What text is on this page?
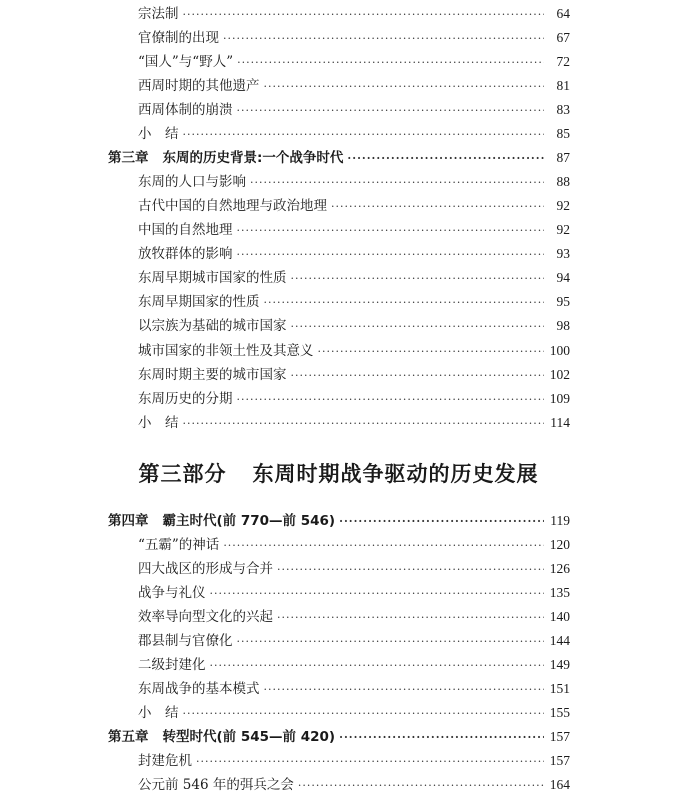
宗法制 ·····	64
官僚制的出现 ·····	67
“国人”与“野人” ·····	72
西周时期的其他遗产 ·····	81
西周体制的崩溃 ·····	83
小　结 ·····	85
第三章 东周的历史背景:一个战争时代 ·····	87
东周的人口与影响 ·····	88
古代中国的自然地理与政治地理 ·····	92
中国的自然地理 ·····	92
放牧群体的影响 ·····	93
东周早期城市国家的性质 ·····	94
东周早期国家的性质 ·····	95
以宗族为基础的城市国家 ·····	98
城市国家的非领土性及其意义 ·····	100
东周时期主要的城市国家 ·····	102
东周历史的分期 ·····	109
小　结 ·····	114
第三部分 东周时期战争驱动的历史发展
第四章 霸主时代(前 770—前 546) ·····	119
“五霸”的神话 ·····	120
四大战区的形成与合并 ·····	126
战争与礼仪 ·····	135
效率导向型文化的兴起 ·····	140
郡县制与官僚化 ·····	144
二级封建化 ·····	149
东周战争的基本模式 ·····	151
小　结 ·····	155
第五章 转型时代(前 545—前 420) ·····	157
封建危机 ·····	157
公元前 546 年的弭兵之会 ·····	164
